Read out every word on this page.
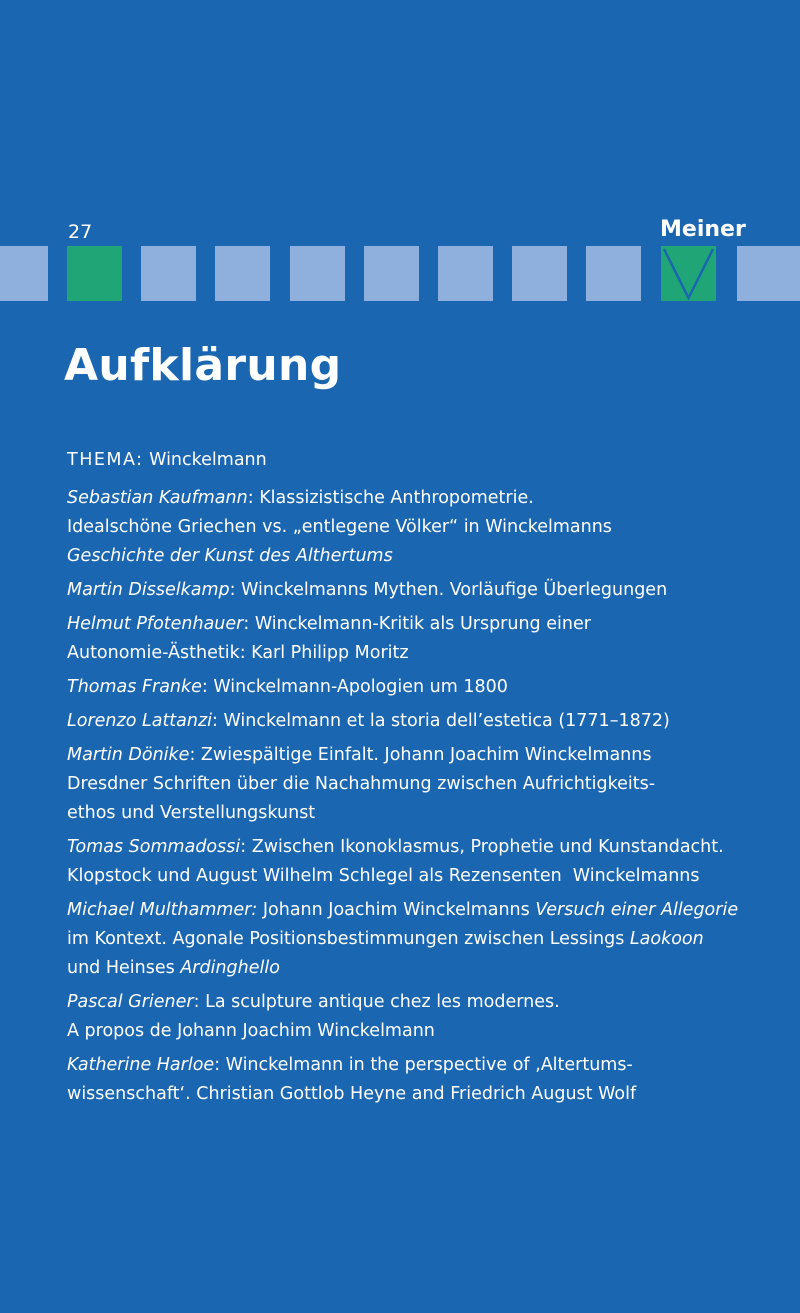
27	Meiner
Aufklärung
THEMA: Winckelmann
Sebastian Kaufmann: Klassizistische Anthropometrie.
Idealschöne Griechen vs. „entlegene Völker“ in Winckelmanns
Geschichte der Kunst des Althertums
Martin Disselkamp: Winckelmanns Mythen. Vorläufige Überlegungen
Helmut Pfotenhauer: Winckelmann-Kritik als Ursprung einer
Autonomie-Ästhetik: Karl Philipp Moritz
Thomas Franke: Winckelmann-Apologien um 1800
Lorenzo Lattanzi: Winckelmann et la storia dell’estetica (1771–1872)
Martin Dönike: Zwiespältige Einfalt. Johann Joachim Winckelmanns
Dresdner Schriften über die Nachahmung zwischen Aufrichtigkeits-
ethos und Verstellungskunst
Tomas Sommadossi: Zwischen Ikonoklasmus, Prophetie und Kunstandacht.
Klopstock und August Wilhelm Schlegel als Rezensenten  Winckelmanns
Michael Multhammer: Johann Joachim Winckelmanns Versuch einer Allegorie
im Kontext. Agonale Positionsbestimmungen zwischen Lessings Laokoon
und Heinses Ardinghello
Pascal Griener: La sculpture antique chez les modernes.
A propos de Johann Joachim Winckelmann
Katherine Harloe: Winckelmann in the perspective of ‚Altertums-
wissenschaft‘. Christian Gottlob Heyne and Friedrich August Wolf
